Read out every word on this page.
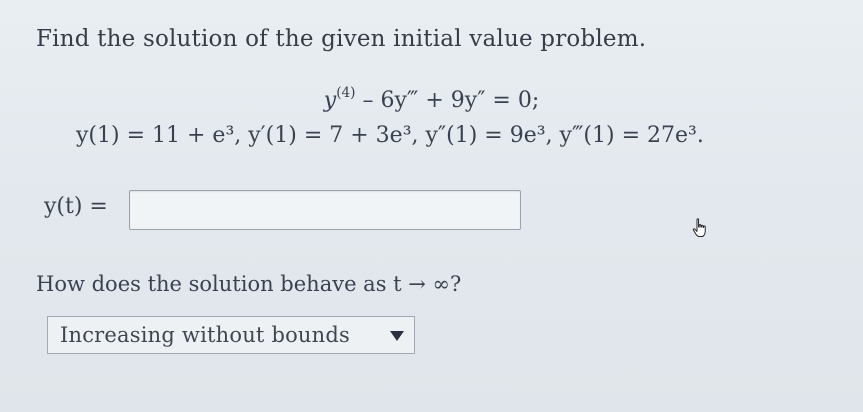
Find the solution of the given initial value problem.
$y^{(4)}$ – 6y‴ + 9y″ = 0;
y(1) = 11 + e³, y′(1) = 7 + 3e³, y″(1) = 9e³, y‴(1) = 27e³.
y(t) =
How does the solution behave as t → ∞?
Increasing without bounds
